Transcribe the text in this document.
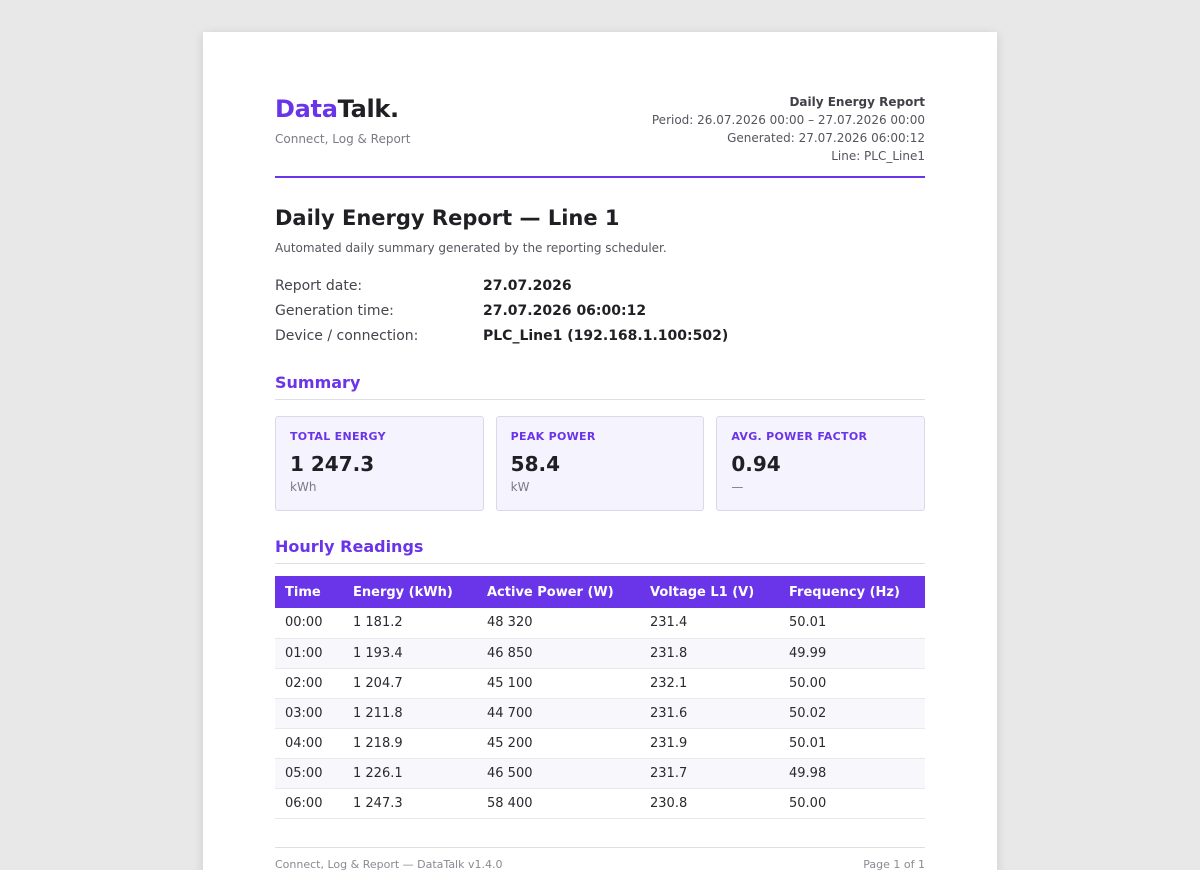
DataTalk.
Connect, Log & Report
Daily Energy Report
Period: 26.07.2026 00:00 – 27.07.2026 00:00
Generated: 27.07.2026 06:00:12
Line: PLC_Line1
Daily Energy Report — Line 1
Automated daily summary generated by the reporting scheduler.
Report date:	27.07.2026
Generation time:	27.07.2026 06:00:12
Device / connection:	PLC_Line1 (192.168.1.100:502)
Summary
TOTAL ENERGY
1 247.3
kWh
PEAK POWER
58.4
kW
AVG. POWER FACTOR
0.94
—
Hourly Readings
Time	Energy (kWh)	Active Power (W)	Voltage L1 (V)	Frequency (Hz)
00:00	1 181.2	48 320	231.4	50.01
01:00	1 193.4	46 850	231.8	49.99
02:00	1 204.7	45 100	232.1	50.00
03:00	1 211.8	44 700	231.6	50.02
04:00	1 218.9	45 200	231.9	50.01
05:00	1 226.1	46 500	231.7	49.98
06:00	1 247.3	58 400	230.8	50.00
Connect, Log & Report — DataTalk v1.4.0	Page 1 of 1
